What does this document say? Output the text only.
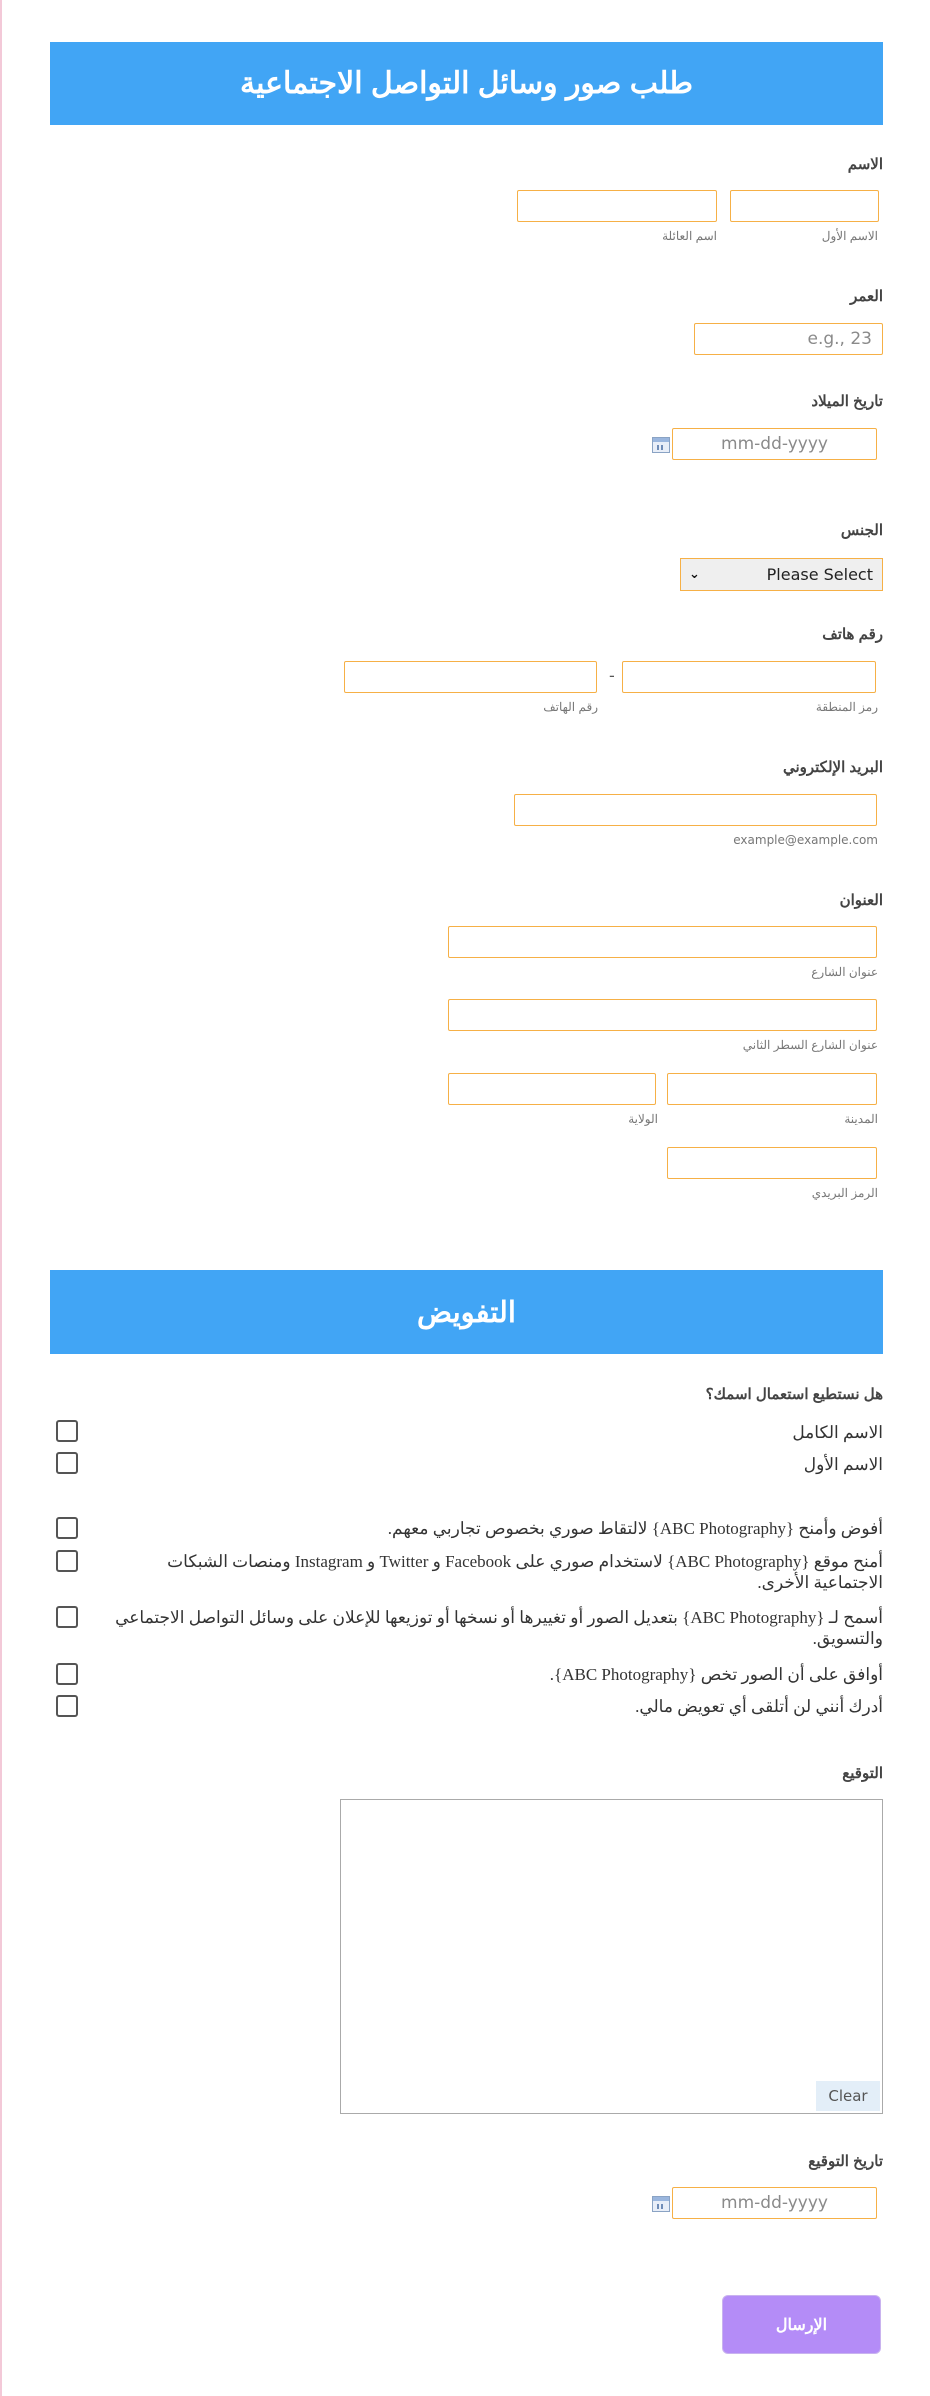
طلب صور وسائل التواصل الاجتماعية
الاسم
الاسم الأول
اسم العائلة
العمر
e.g., 23
تاريخ الميلاد
mm-dd-yyyy
الجنس
⌄	Please Select
رقم هاتف
-
رمز المنطقة
رقم الهاتف
البريد الإلكتروني
example@example.com
العنوان
عنوان الشارع
عنوان الشارع السطر الثاني
المدينة
الولاية
الرمز البريدي
التفويض
هل نستطيع استعمال اسمك؟
الاسم الكامل
الاسم الأول
أفوض وأمنح {ABC Photography} لالتقاط صوري بخصوص تجاربي معهم.
أمنح موقع {ABC Photography} لاستخدام صوري على Facebook و Twitter و Instagram ومنصات الشبكات الاجتماعية الأخرى.
أسمح لـ {ABC Photography} بتعديل الصور أو تغييرها أو نسخها أو توزيعها للإعلان على وسائل التواصل الاجتماعي والتسويق.
أوافق على أن الصور تخص {ABC Photography}.
أدرك أنني لن أتلقى أي تعويض مالي.
التوقيع
Clear
تاريخ التوقيع
mm-dd-yyyy
الإرسال
